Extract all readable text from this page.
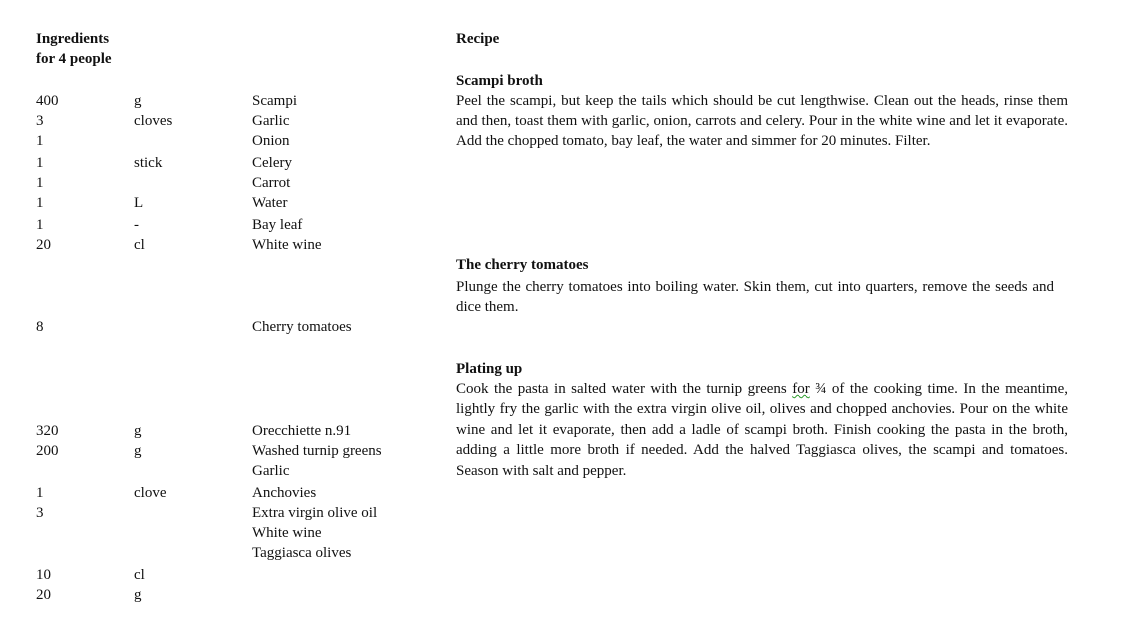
Ingredients
for 4 people
400
3
1
1
1
1
1
20
8
320
200
1
3
10
20
g
cloves
stick
L
-
cl
g
g
clove
cl
g
Scampi
Garlic
Onion
Celery
Carrot
Water
Bay leaf
White wine
Cherry tomatoes
Orecchiette n.91
Washed turnip greens
Garlic
Anchovies
Extra virgin olive oil
White wine
Taggiasca olives
Recipe
Scampi broth

Peel the scampi, but keep the tails which should be cut lengthwise. Clean out the heads, rinse them and then, toast them with garlic, onion, carrots and celery. Pour in the white wine and let it evaporate. Add the chopped tomato, bay leaf, the water and simmer for 20 minutes. Filter.

The cherry tomatoes

Plunge the cherry tomatoes into boiling water. Skin them, cut into quarters, remove the seeds and dice them.

Plating up

Cook the pasta in salted water with the turnip greens for ¾ of the cooking time. In the meantime, lightly fry the garlic with the extra virgin olive oil, olives and chopped anchovies. Pour on the white wine and let it evaporate, then add a ladle of scampi broth. Finish cooking the pasta in the broth, adding a little more broth if needed. Add the halved Taggiasca olives, the scampi and tomatoes. Season with salt and pepper.
